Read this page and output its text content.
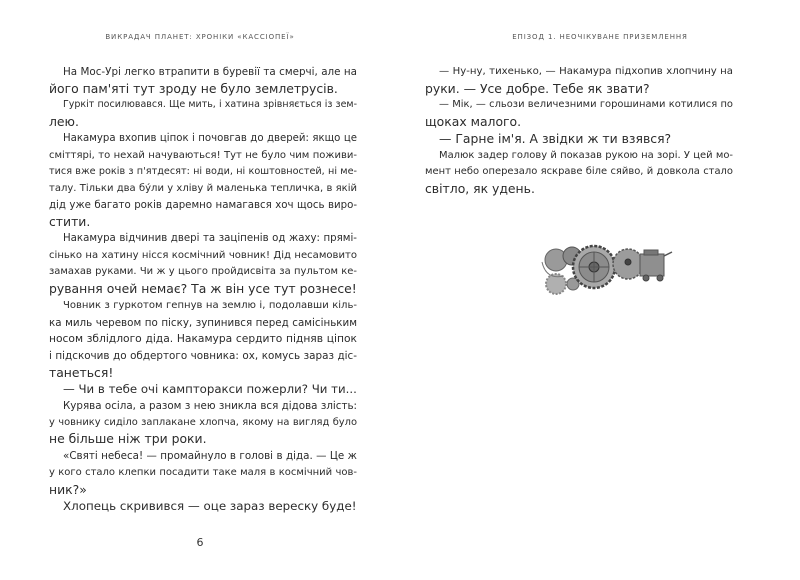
ВИКРАДАЧ ПЛАНЕТ: ХРОНІКИ «КАССІОПЕЇ»
На Мос-Урі легко втрапити в буревії та смерчі, але на
його пам'яті тут зроду не було землетрусів.
Гуркіт посилювався. Ще мить, і хатина зрівняється із зем-
лею.
Накамура вхопив ціпок і почовгав до дверей: якщо це
сміттярі, то нехай начуваються! Тут не було чим поживи-
тися вже років з п'ятдесят: ні води, ні коштовностей, ні ме-
талу. Тільки два бу́ли у хліву й маленька тепличка, в якій
дід уже багато років даремно намагався хоч щось виро-
стити.
Накамура відчинив двері та заціпенів од жаху: прямі-
сінько на хатину нісся космічний човник! Дід несамовито
замахав руками. Чи ж у цього пройдисвіта за пультом ке-
рування очей немає? Та ж він усе тут рознесе!
Човник з гуркотом гепнув на землю і, подолавши кіль-
ка миль черевом по піску, зупинився перед самісіньким
носом зблідлого діда. Накамура сердито підняв ціпок
і підскочив до обдертого човника: ох, комусь зараз діс-
танеться!
— Чи в тебе очі кампторакси пожерли? Чи ти...
Курява осіла, а разом з нею зникла вся дідова злість:
у човнику сиділо заплакане хлопча, якому на вигляд було
не більше ніж три роки.
«Святі небеса! — промайнуло в голові в діда. — Це ж
у кого стало клепки посадити таке маля в космічний чов-
ник?»
Хлопець скривився — оце зараз вереску буде!
6
ЕПІЗОД 1. НЕОЧІКУВАНЕ ПРИЗЕМЛЕННЯ
— Ну-ну, тихенько, — Накамура підхопив хлопчину на
руки. — Усе добре. Тебе як звати?
— Мік, — сльози величезними горошинами котилися по
щоках малого.
— Гарне ім'я. А звідки ж ти взявся?
Малюк задер голову й показав рукою на зорі. У цей мо-
мент небо оперезало яскраве біле сяйво, й довкола стало
світло, як удень.
